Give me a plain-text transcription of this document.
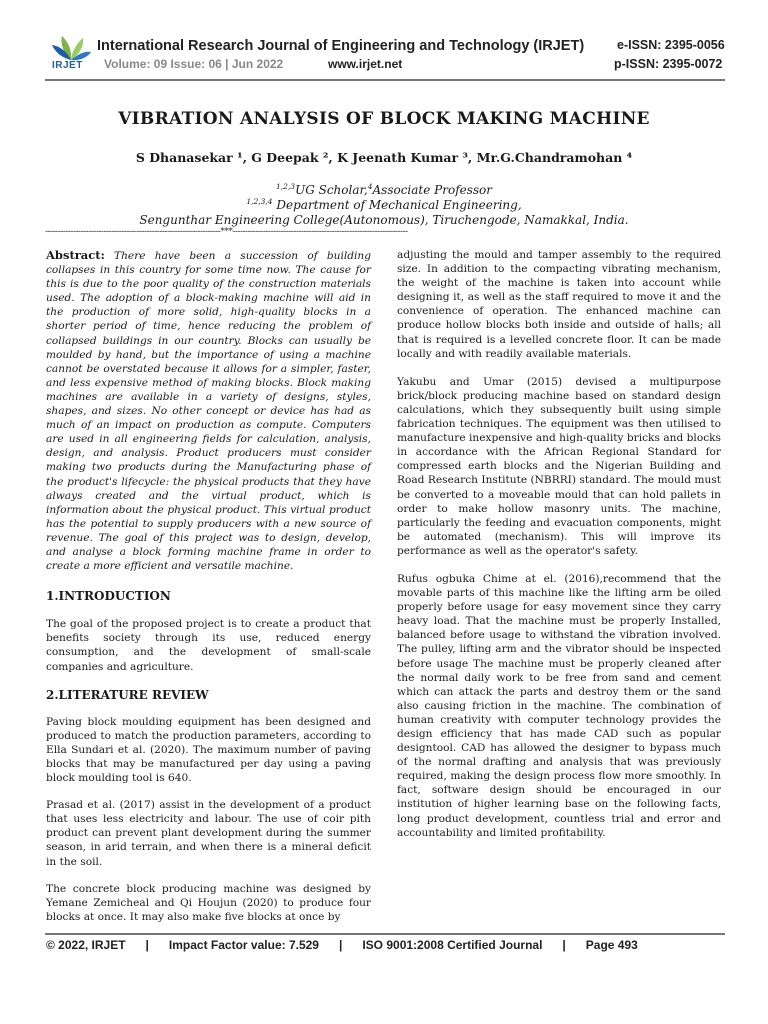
IRJET
International Research Journal of Engineering and Technology (IRJET)	e-ISSN: 2395-0056
Volume: 09 Issue: 06 | Jun 2022	www.irjet.net	p-ISSN: 2395-0072
VIBRATION ANALYSIS OF BLOCK MAKING MACHINE
S Dhanasekar ¹, G Deepak ², K Jeenath Kumar ³, Mr.G.Chandramohan ⁴
$^{1,2,3}$UG Scholar,$^4$Associate Professor
$^{1,2,3,4}$ Department of Mechanical Engineering,
Sengunthar Engineering College(Autonomous), Tiruchengode, Namakkal, India.
---------------------------------------------------------------------***---------------------------------------------------------------------

Abstract: There have been a succession of building collapses in this country for some time now. The cause for this is due to the poor quality of the construction materials used. The adoption of a block-making machine will aid in the production of more solid, high-quality blocks in a shorter period of time, hence reducing the problem of collapsed buildings in our country. Blocks can usually be moulded by hand, but the importance of using a machine cannot be overstated because it allows for a simpler, faster, and less expensive method of making blocks. Block making machines are available in a variety of designs, styles, shapes, and sizes. No other concept or device has had as much of an impact on production as compute. Computers are used in all engineering fields for calculation, analysis, design, and analysis. Product producers must consider making two products during the Manufacturing phase of the product's lifecycle: the physical products that they have always created and the virtual product, which is information about the physical product. This virtual product has the potential to supply producers with a new source of revenue. The goal of this project was to design, develop, and analyse a block forming machine frame in order to create a more efficient and versatile machine.

1.INTRODUCTION

The goal of the proposed project is to create a product that benefits society through its use, reduced energy consumption, and the development of small-scale companies and agriculture.

2.LITERATURE REVIEW

Paving block moulding equipment has been designed and produced to match the production parameters, according to Ella Sundari et al. (2020). The maximum number of paving blocks that may be manufactured per day using a paving block moulding tool is 640.

Prasad et al. (2017) assist in the development of a product that uses less electricity and labour. The use of coir pith product can prevent plant development during the summer season, in arid terrain, and when there is a mineral deficit in the soil.

The concrete block producing machine was designed by Yemane Zemicheal and Qi Houjun (2020) to produce four blocks at once. It may also make five blocks at once by

adjusting the mould and tamper assembly to the required size. In addition to the compacting vibrating mechanism, the weight of the machine is taken into account while designing it, as well as the staff required to move it and the convenience of operation. The enhanced machine can produce hollow blocks both inside and outside of halls; all that is required is a levelled concrete floor. It can be made locally and with readily available materials.

Yakubu and Umar (2015) devised a multipurpose brick/block producing machine based on standard design calculations, which they subsequently built using simple fabrication techniques. The equipment was then utilised to manufacture inexpensive and high-quality bricks and blocks in accordance with the African Regional Standard for compressed earth blocks and the Nigerian Building and Road Research Institute (NBRRI) standard. The mould must be converted to a moveable mould that can hold pallets in order to make hollow masonry units. The machine, particularly the feeding and evacuation components, might be automated (mechanism). This will improve its performance as well as the operator's safety.

Rufus ogbuka Chime at el. (2016),recommend that the movable parts of this machine like the lifting arm be oiled properly before usage for easy movement since they carry heavy load. That the machine must be properly Installed, balanced before usage to withstand the vibration involved. The pulley, lifting arm and the vibrator should be inspected before usage The machine must be properly cleaned after the normal daily work to be free from sand and cement which can attack the parts and destroy them or the sand also causing friction in the machine. The combination of human creativity with computer technology provides the design efficiency that has made CAD such as popular designtool. CAD has allowed the designer to bypass much of the normal drafting and analysis that was previously required, making the design process flow more smoothly. In fact, software design should be encouraged in our institution of higher learning base on the following facts, long product development, countless trial and error and accountability and limited profitability.

© 2022, IRJET | Impact Factor value: 7.529 | ISO 9001:2008 Certified Journal | Page 493
